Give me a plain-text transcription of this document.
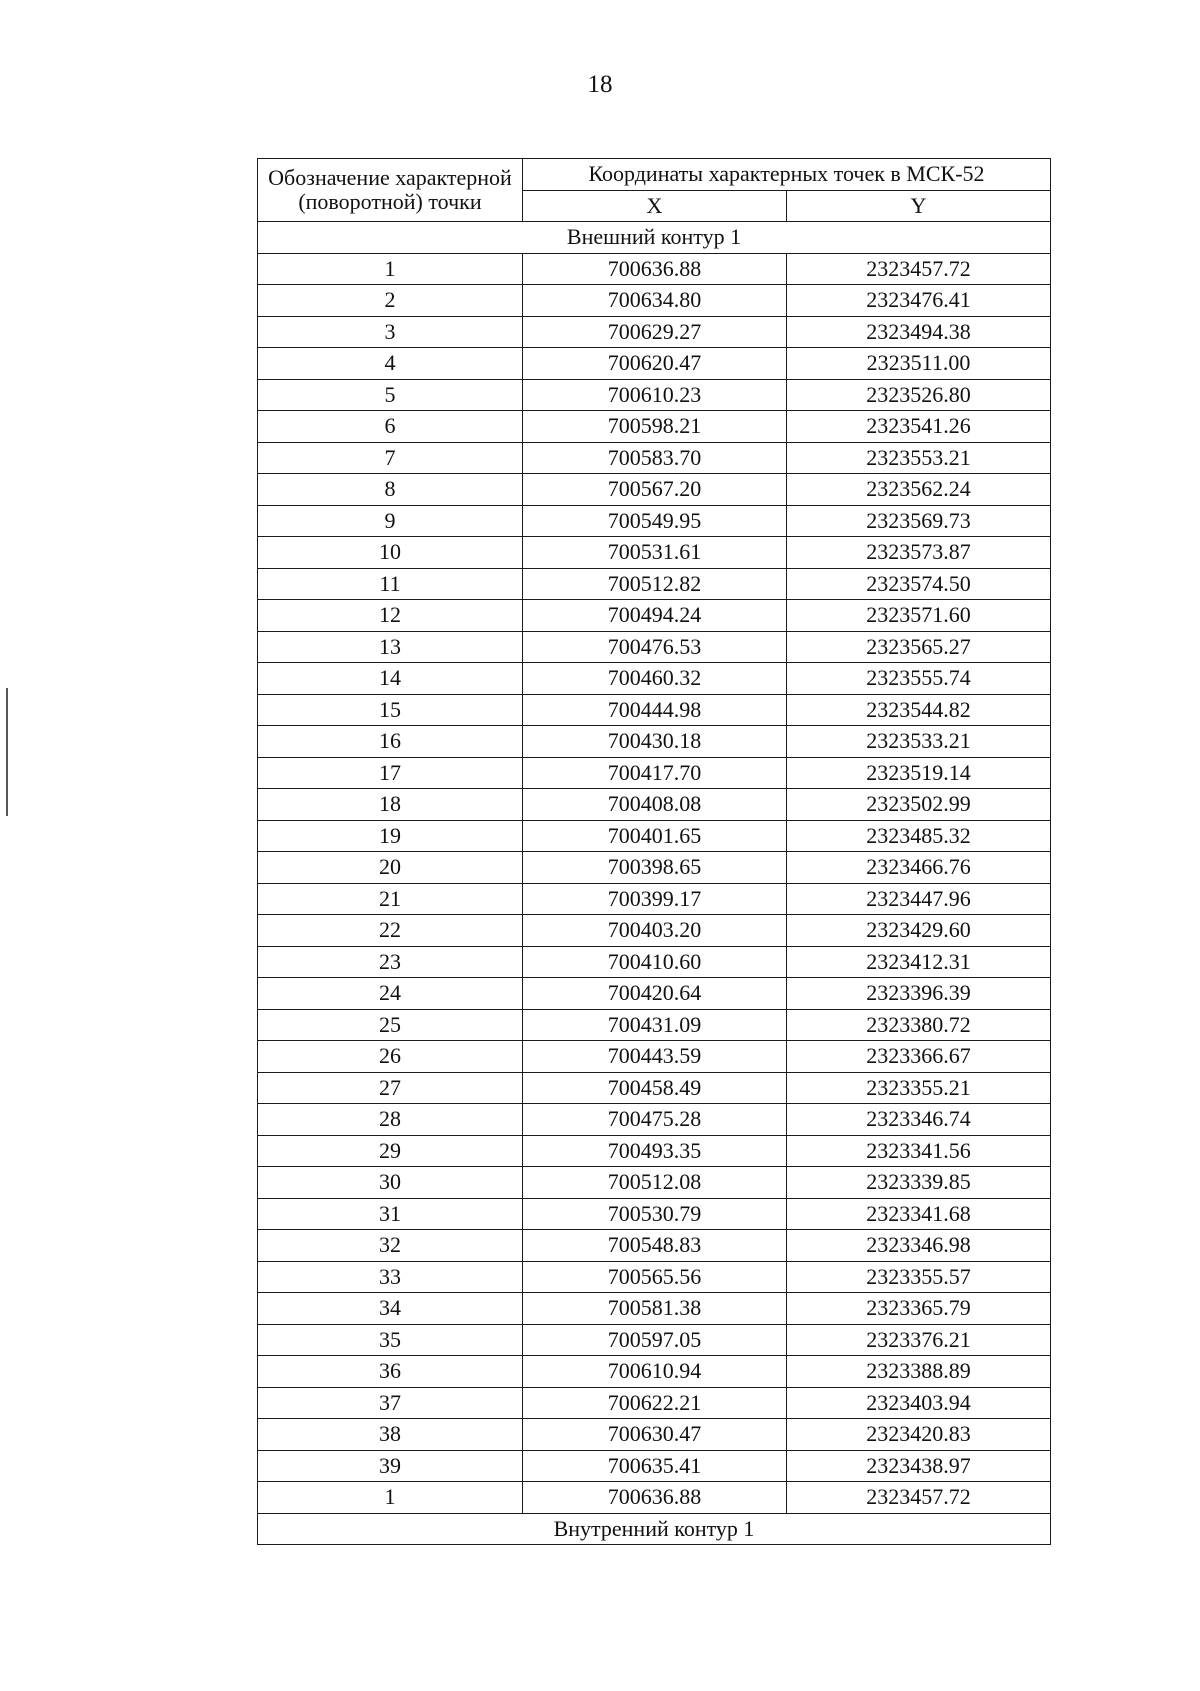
18
Обозначение характерной (поворотной) точки	Координаты характерных точек в МСК-52	
	X	Y
Внешний контур 1		
1	700636.88	2323457.72
2	700634.80	2323476.41
3	700629.27	2323494.38
4	700620.47	2323511.00
5	700610.23	2323526.80
6	700598.21	2323541.26
7	700583.70	2323553.21
8	700567.20	2323562.24
9	700549.95	2323569.73
10	700531.61	2323573.87
11	700512.82	2323574.50
12	700494.24	2323571.60
13	700476.53	2323565.27
14	700460.32	2323555.74
15	700444.98	2323544.82
16	700430.18	2323533.21
17	700417.70	2323519.14
18	700408.08	2323502.99
19	700401.65	2323485.32
20	700398.65	2323466.76
21	700399.17	2323447.96
22	700403.20	2323429.60
23	700410.60	2323412.31
24	700420.64	2323396.39
25	700431.09	2323380.72
26	700443.59	2323366.67
27	700458.49	2323355.21
28	700475.28	2323346.74
29	700493.35	2323341.56
30	700512.08	2323339.85
31	700530.79	2323341.68
32	700548.83	2323346.98
33	700565.56	2323355.57
34	700581.38	2323365.79
35	700597.05	2323376.21
36	700610.94	2323388.89
37	700622.21	2323403.94
38	700630.47	2323420.83
39	700635.41	2323438.97
1	700636.88	2323457.72
Внутренний контур 1		
